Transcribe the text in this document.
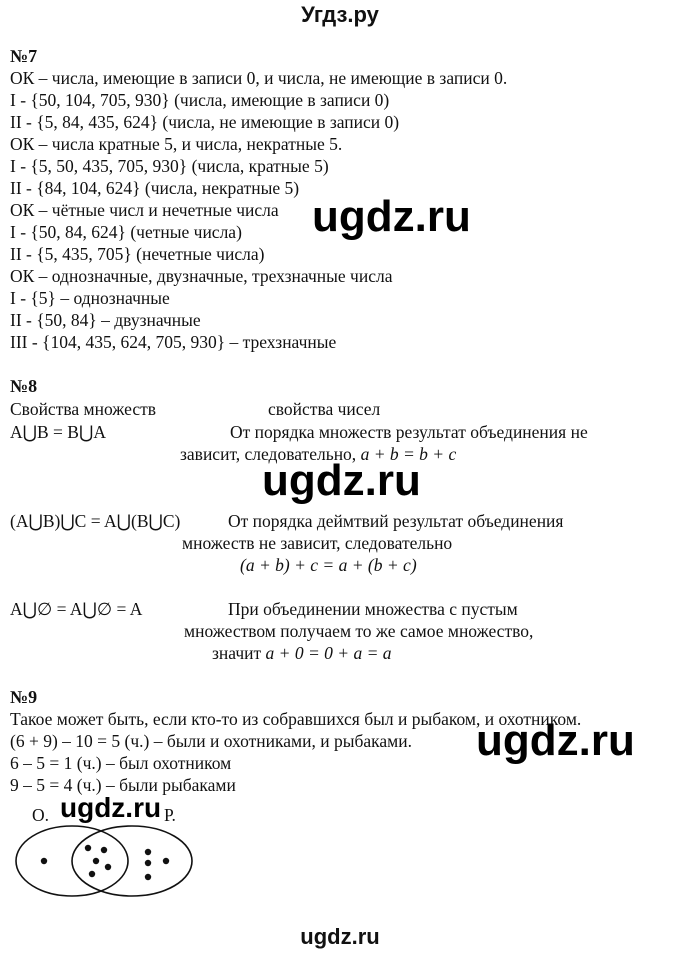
Угдз.ру
№7
ОК – числа, имеющие в записи 0, и числа, не имеющие в записи 0.
I - {50, 104, 705, 930} (числа, имеющие в записи 0)
II - {5, 84, 435, 624} (числа, не имеющие в записи 0)
ОК – числа кратные 5, и числа, некратные 5.
I - {5, 50, 435, 705, 930} (числа, кратные 5)
II - {84, 104, 624} (числа, некратные 5)
ОК – чётные числ и нечетные числа
I - {50, 84, 624} (четные числа)
II - {5, 435, 705} (нечетные числа)
ОК – однозначные, двузначные, трехзначные числа
I - {5} – однозначные
II - {50, 84} – двузначные
III - {104, 435, 624, 705, 930} – трехзначные
ugdz.ru
№8
Свойства множеств	свойства чисел
A⋃B = B⋃A	От порядка множеств результат объединения не
зависит, следовательно, a + b = b + c
ugdz.ru
(A⋃B)⋃C = A⋃(B⋃C)	От порядка деймтвий результат объединения
множеств не зависит, следовательно
(a + b) + c = a + (b + c)
A⋃∅ = A⋃∅ = A	При объединении множества с пустым
множеством получаем то же самое множество,
значит a + 0 = 0 + a = a
№9
Такое может быть, если кто-то из собравшихся был и рыбаком, и охотником.
(6 + 9) – 10 = 5 (ч.) – были и охотниками, и рыбаками.
6 – 5 = 1 (ч.) – был охотником
9 – 5 = 4 (ч.) – были рыбаками
ugdz.ru
О.	Р.
ugdz.ru
ugdz.ru
